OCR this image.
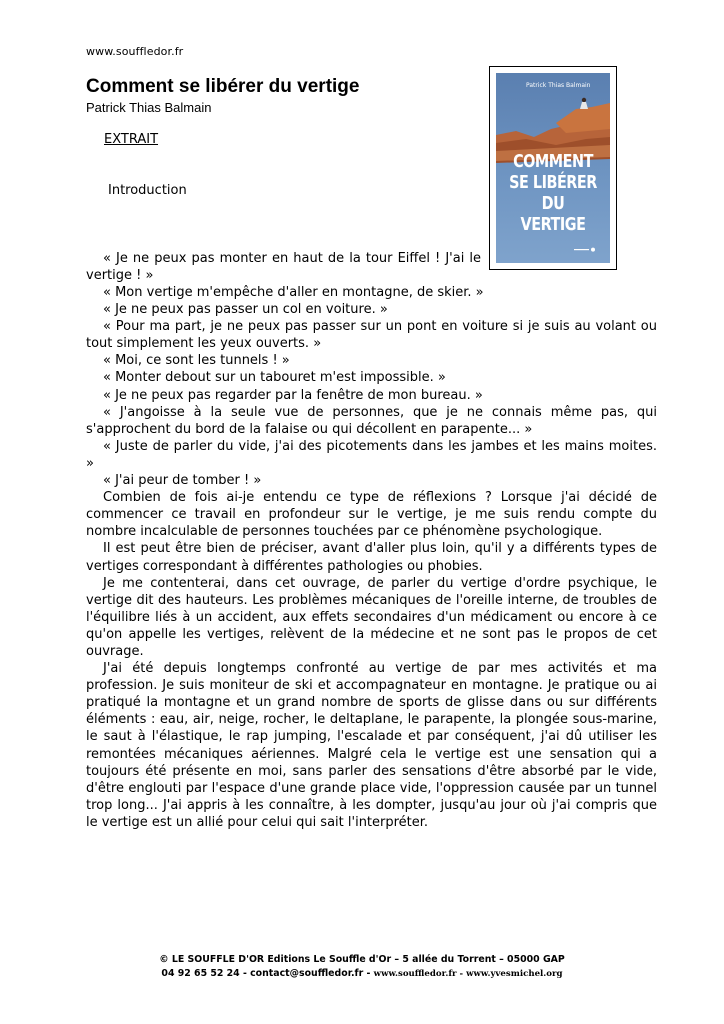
www.souffledor.fr
Comment se libérer du vertige
Patrick Thias Balmain
EXTRAIT
Introduction
Patrick Thias Balmain
COMMENT
SE LIBÉRER
DU VERTIGE

« Je ne peux pas monter en haut de la tour Eiffel ! J'ai le vertige ! »

« Mon vertige m'empêche d'aller en montagne, de skier. »

« Je ne peux pas passer un col en voiture. »

« Pour ma part, je ne peux pas passer sur un pont en voiture si je suis au volant ou tout simplement les yeux ouverts. »

« Moi, ce sont les tunnels ! »

« Monter debout sur un tabouret m'est impossible. »

« Je ne peux pas regarder par la fenêtre de mon bureau. »

« J'angoisse à la seule vue de personnes, que je ne connais même pas, qui s'approchent du bord de la falaise ou qui décollent en parapente... »

« Juste de parler du vide, j'ai des picotements dans les jambes et les mains moites. »

« J'ai peur de tomber ! »

Combien de fois ai-je entendu ce type de réflexions ? Lorsque j'ai décidé de commencer ce travail en profondeur sur le vertige, je me suis rendu compte du nombre incalculable de personnes touchées par ce phénomène psychologique.

Il est peut être bien de préciser, avant d'aller plus loin, qu'il y a différents types de vertiges correspondant à différentes pathologies ou phobies.

Je me contenterai, dans cet ouvrage, de parler du vertige d'ordre psychique, le vertige dit des hauteurs. Les problèmes mécaniques de l'oreille interne, de troubles de l'équilibre liés à un accident, aux effets secondaires d'un médicament ou encore à ce qu'on appelle les vertiges, relèvent de la médecine et ne sont pas le propos de cet ouvrage.

J'ai été depuis longtemps confronté au vertige de par mes activités et ma profession. Je suis moniteur de ski et accompagnateur en montagne. Je pratique ou ai pratiqué la montagne et un grand nombre de sports de glisse dans ou sur différents éléments : eau, air, neige, rocher, le deltaplane, le parapente, la plongée sous-marine, le saut à l'élastique, le rap jumping, l'escalade et par conséquent, j'ai dû utiliser les remontées mécaniques aériennes. Malgré cela le vertige est une sensation qui a toujours été présente en moi, sans parler des sensations d'être absorbé par le vide, d'être englouti par l'espace d'une grande place vide, l'oppression causée par un tunnel trop long... J'ai appris à les connaître, à les dompter, jusqu'au jour où j'ai compris que le vertige est un allié pour celui qui sait l'interpréter.

© LE SOUFFLE D'OR Editions Le Souffle d'Or – 5 allée du Torrent – 05000 GAP
04 92 65 52 24 - contact@souffledor.fr - www.souffledor.fr - www.yvesmichel.org
